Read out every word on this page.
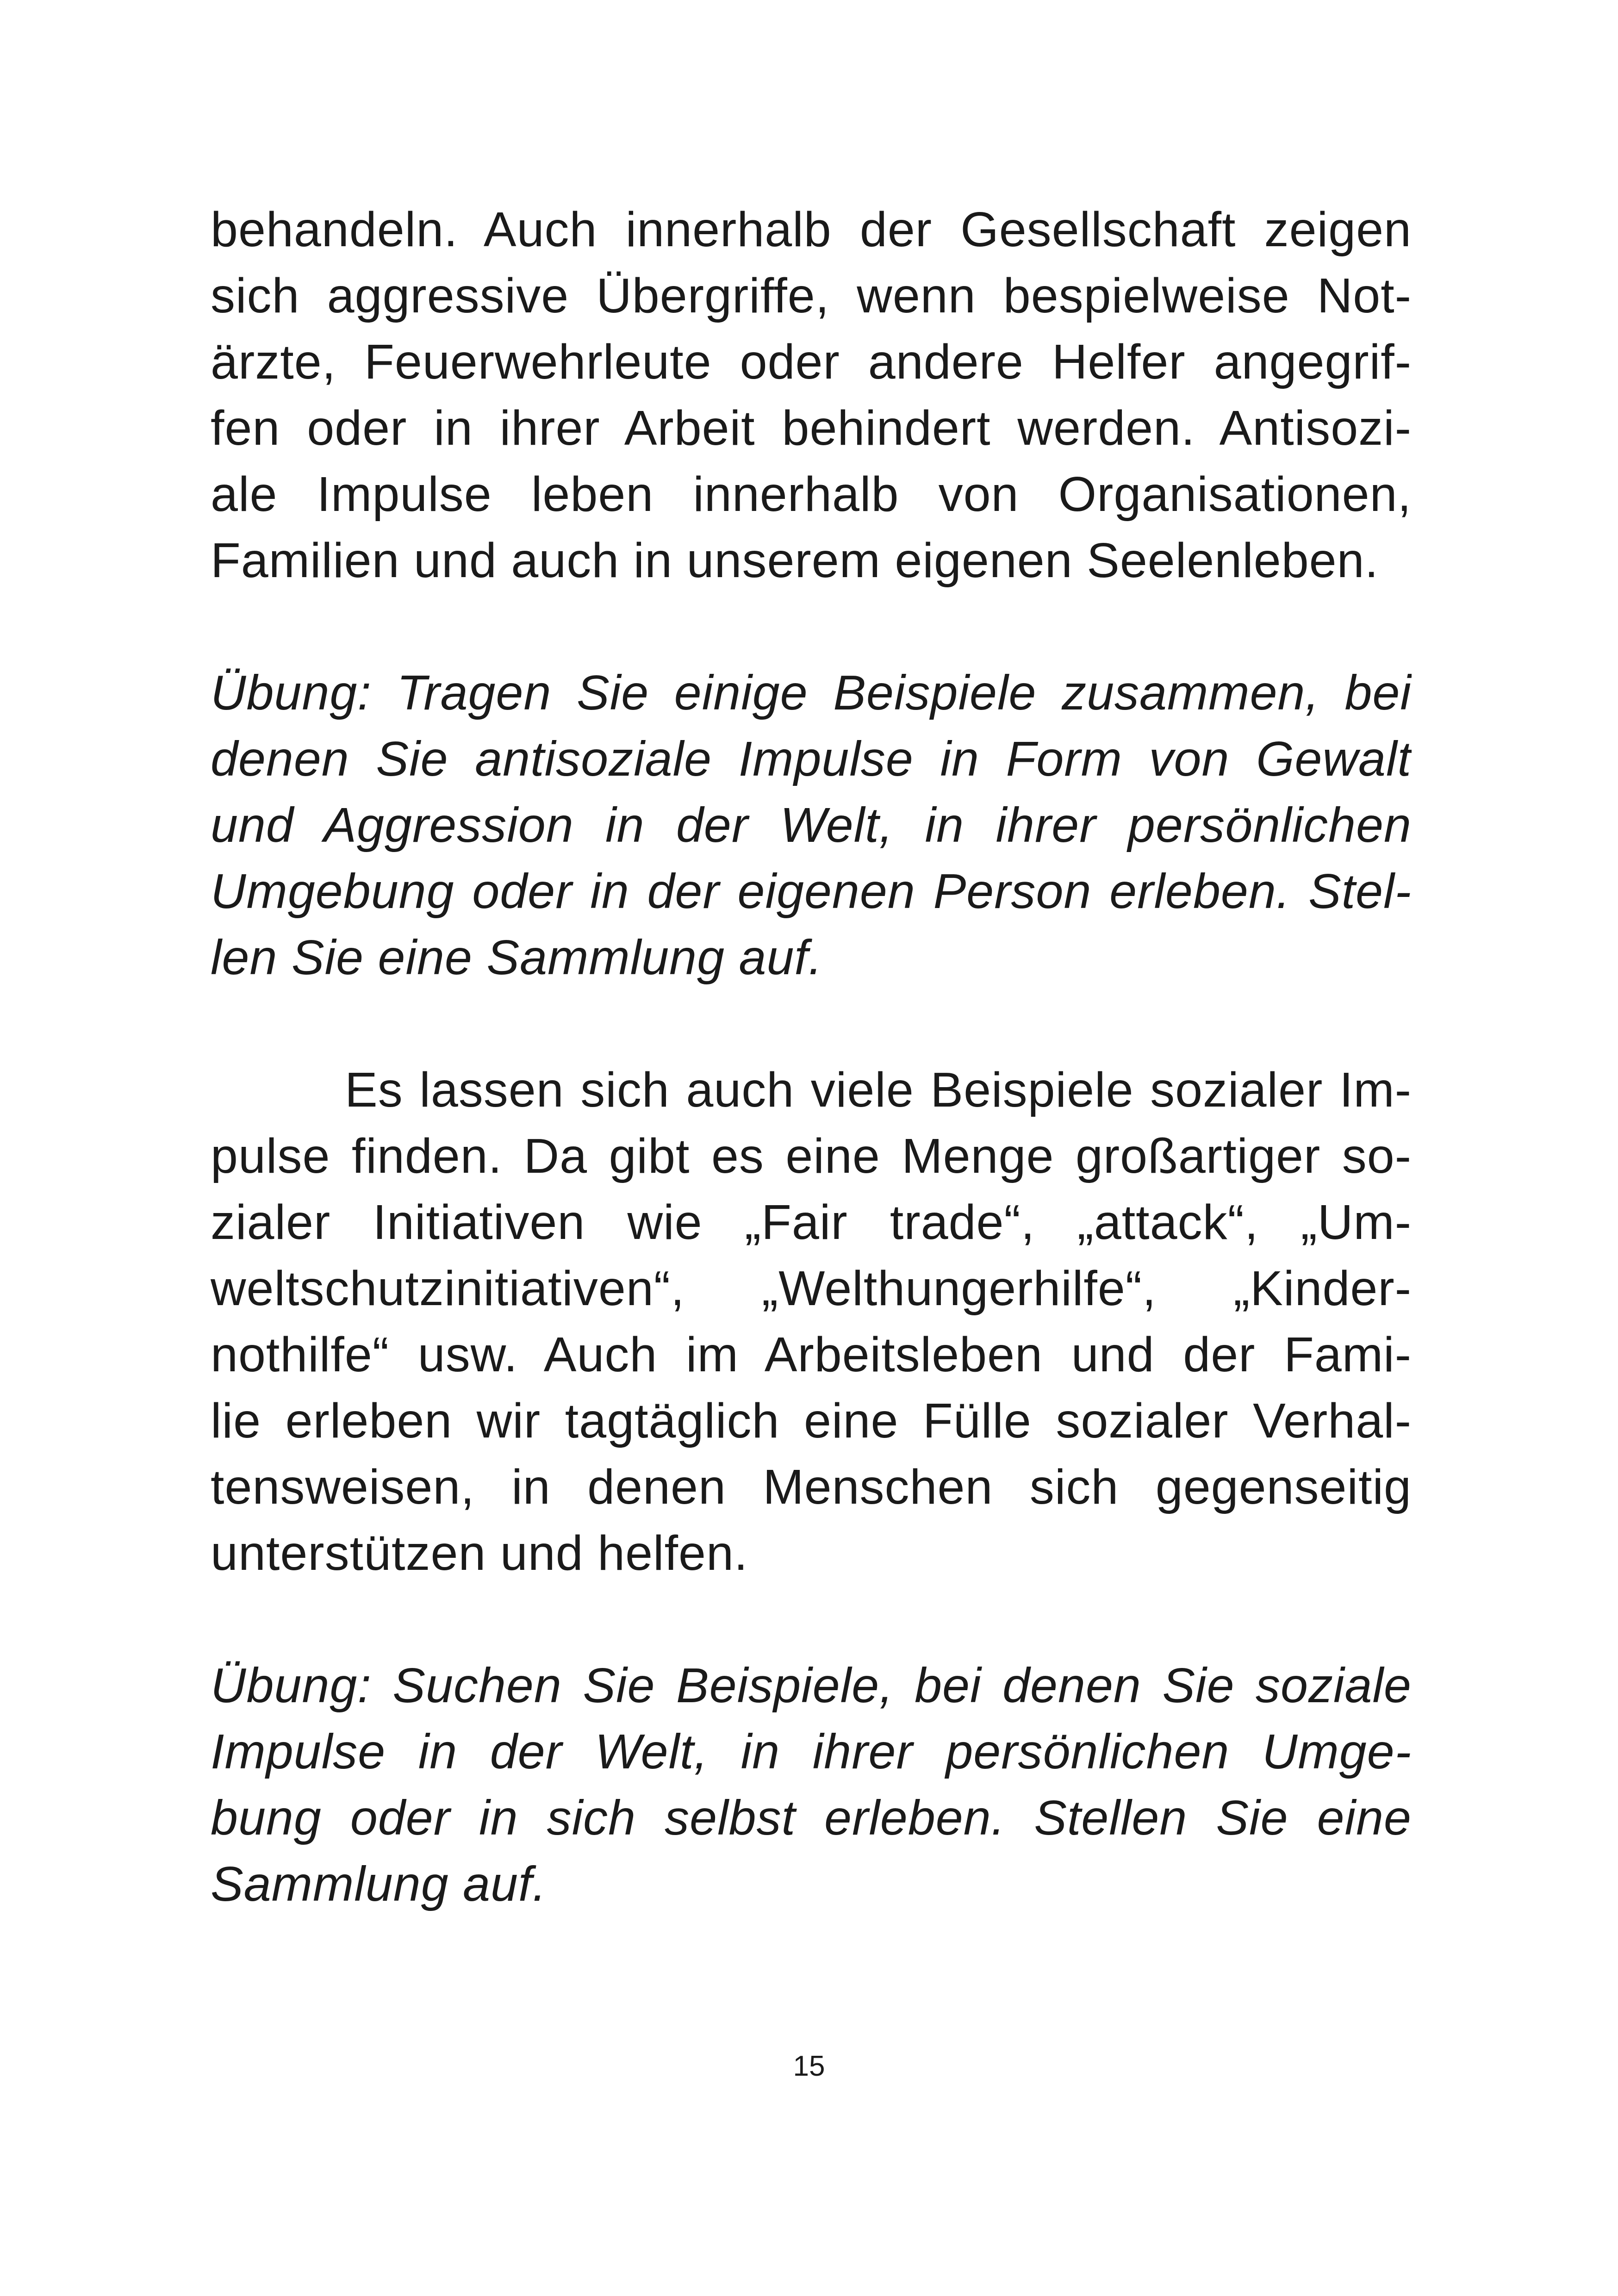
behandeln. Auch innerhalb der Gesellschaft zeigen
sich aggressive Übergriffe, wenn bespielweise Not-
ärzte, Feuerwehrleute oder andere Helfer angegrif-
fen oder in ihrer Arbeit behindert werden. Antisozi-
ale Impulse leben innerhalb von Organisationen,
Familien und auch in unserem eigenen Seelenleben.
Übung: Tragen Sie einige Beispiele zusammen, bei
denen Sie antisoziale Impulse in Form von Gewalt
und Aggression in der Welt, in ihrer persönlichen
Umgebung oder in der eigenen Person erleben. Stel-
len Sie eine Sammlung auf.
Es lassen sich auch viele Beispiele sozialer Im-
pulse finden. Da gibt es eine Menge großartiger so-
zialer Initiativen wie „Fair trade“, „attack“, „Um-
weltschutzinitiativen“, „Welthungerhilfe“, „Kinder-
nothilfe“ usw. Auch im Arbeitsleben und der Fami-
lie erleben wir tagtäglich eine Fülle sozialer Verhal-
tensweisen, in denen Menschen sich gegenseitig
unterstützen und helfen.
Übung: Suchen Sie Beispiele, bei denen Sie soziale
Impulse in der Welt, in ihrer persönlichen Umge-
bung oder in sich selbst erleben. Stellen Sie eine
Sammlung auf.
15
